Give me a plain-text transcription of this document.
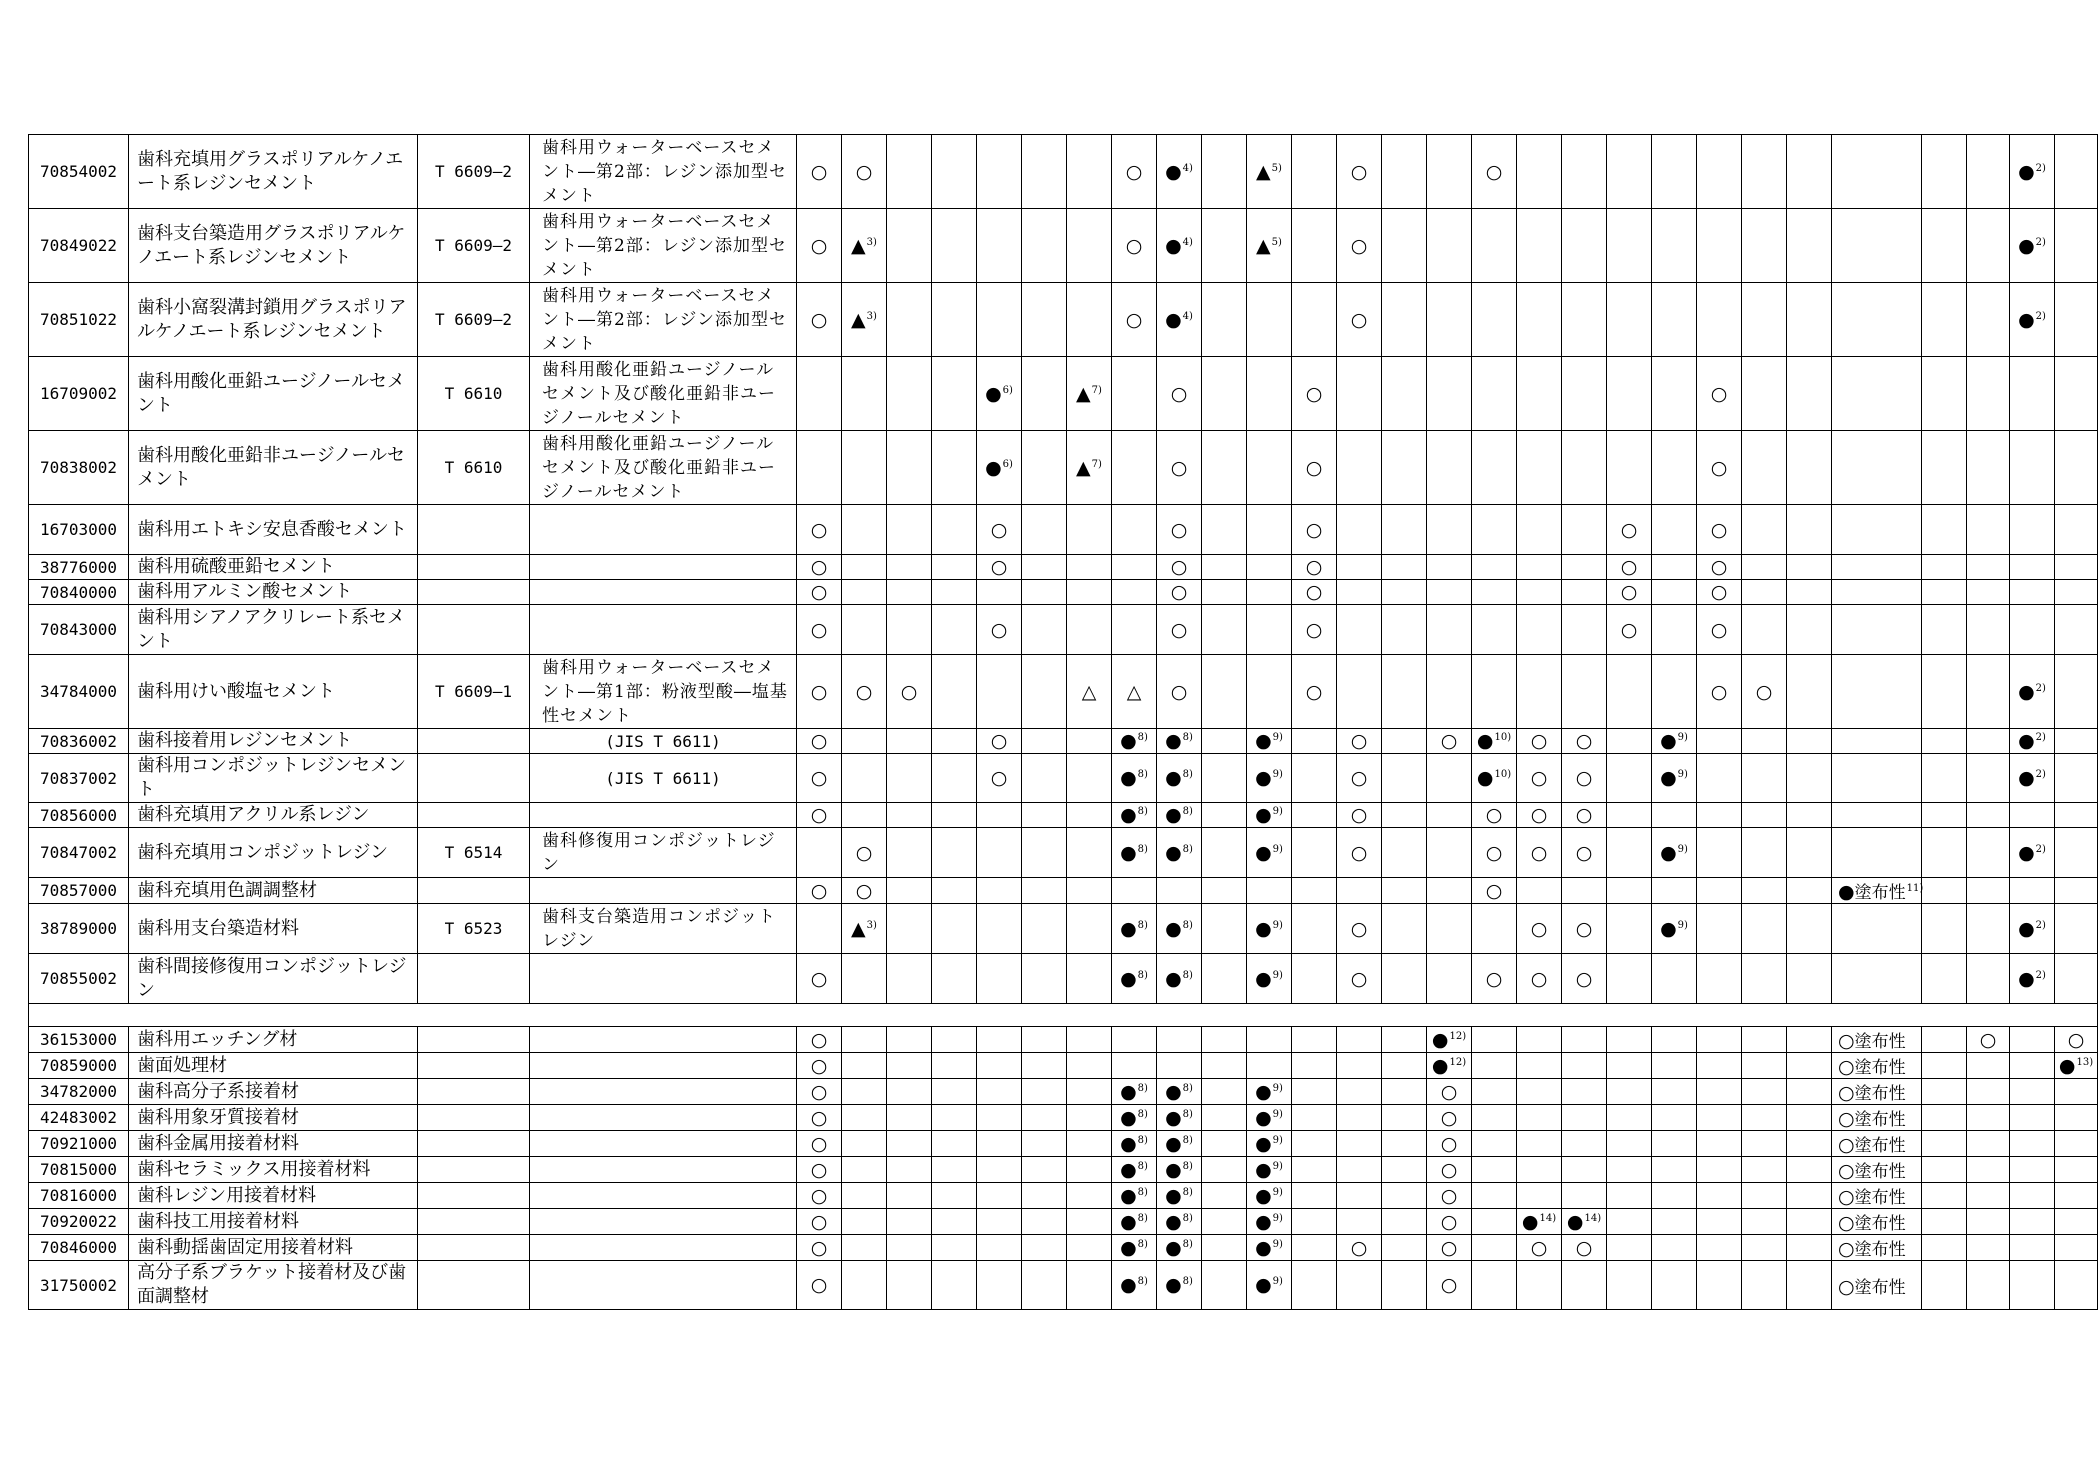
70854002	歯科充填用グラスポリアルケノエート系レジンセメント	T 6609―2	歯科用ウォーターベースセメント―第2部：レジン添加型セメント	○	○						○	●$^{4)}$		▲$^{5)}$		○			○											●$^{2)}$	
70849022	歯科支台築造用グラスポリアルケノエート系レジンセメント	T 6609―2	歯科用ウォーターベースセメント―第2部：レジン添加型セメント	○	▲$^{3)}$						○	●$^{4)}$		▲$^{5)}$		○														●$^{2)}$	
70851022	歯科小窩裂溝封鎖用グラスポリアルケノエート系レジンセメント	T 6609―2	歯科用ウォーターベースセメント―第2部：レジン添加型セメント	○	▲$^{3)}$						○	●$^{4)}$				○														●$^{2)}$	
16709002	歯科用酸化亜鉛ユージノールセメント	T 6610	歯科用酸化亜鉛ユージノールセメント及び酸化亜鉛非ユージノールセメント					●$^{6)}$		▲$^{7)}$		○			○									○							
70838002	歯科用酸化亜鉛非ユージノールセメント	T 6610	歯科用酸化亜鉛ユージノールセメント及び酸化亜鉛非ユージノールセメント					●$^{6)}$		▲$^{7)}$		○			○									○							
16703000	歯科用エトキシ安息香酸セメント			○				○				○			○							○		○							
38776000	歯科用硫酸亜鉛セメント			○				○				○			○							○		○							
70840000	歯科用アルミン酸セメント			○								○			○							○		○							
70843000	歯科用シアノアクリレート系セメント			○				○				○			○							○		○							
34784000	歯科用けい酸塩セメント	T 6609―1	歯科用ウォーターベースセメント―第1部：粉液型酸―塩基性セメント	○	○	○				△	△	○			○									○	○					●$^{2)}$	
70836002	歯科接着用レジンセメント		(JIS T 6611)	○				○			●$^{8)}$	●$^{8)}$		●$^{9)}$		○		○	●$^{10)}$	○	○		●$^{9)}$							●$^{2)}$	
70837002	歯科用コンポジットレジンセメント		(JIS T 6611)	○				○			●$^{8)}$	●$^{8)}$		●$^{9)}$		○			●$^{10)}$	○	○		●$^{9)}$							●$^{2)}$	
70856000	歯科充填用アクリル系レジン			○							●$^{8)}$	●$^{8)}$		●$^{9)}$		○			○	○	○										
70847002	歯科充填用コンポジットレジン	T 6514	歯科修復用コンポジットレジン		○						●$^{8)}$	●$^{8)}$		●$^{9)}$		○			○	○	○		●$^{9)}$							●$^{2)}$	
70857000	歯科充填用色調調整材			○	○														○								●塗布性$^{11)}$				
38789000	歯科用支台築造材料	T 6523	歯科支台築造用コンポジットレジン		▲$^{3)}$						●$^{8)}$	●$^{8)}$		●$^{9)}$		○				○	○		●$^{9)}$							●$^{2)}$	
70855002	歯科間接修復用コンポジットレジン			○							●$^{8)}$	●$^{8)}$		●$^{9)}$		○			○	○	○									●$^{2)}$	

36153000	歯科用エッチング材			○														●$^{12)}$									○塗布性		○		○
70859000	歯面処理材			○														●$^{12)}$									○塗布性				●$^{13)}$
34782000	歯科高分子系接着材			○							●$^{8)}$	●$^{8)}$		●$^{9)}$				○									○塗布性				
42483002	歯科用象牙質接着材			○							●$^{8)}$	●$^{8)}$		●$^{9)}$				○									○塗布性				
70921000	歯科金属用接着材料			○							●$^{8)}$	●$^{8)}$		●$^{9)}$				○									○塗布性				
70815000	歯科セラミックス用接着材料			○							●$^{8)}$	●$^{8)}$		●$^{9)}$				○									○塗布性				
70816000	歯科レジン用接着材料			○							●$^{8)}$	●$^{8)}$		●$^{9)}$				○									○塗布性				
70920022	歯科技工用接着材料			○							●$^{8)}$	●$^{8)}$		●$^{9)}$				○		●$^{14)}$	●$^{14)}$						○塗布性				
70846000	歯科動揺歯固定用接着材料			○							●$^{8)}$	●$^{8)}$		●$^{9)}$		○		○		○	○						○塗布性				
31750002	高分子系ブラケット接着材及び歯面調整材			○							●$^{8)}$	●$^{8)}$		●$^{9)}$				○									○塗布性				
